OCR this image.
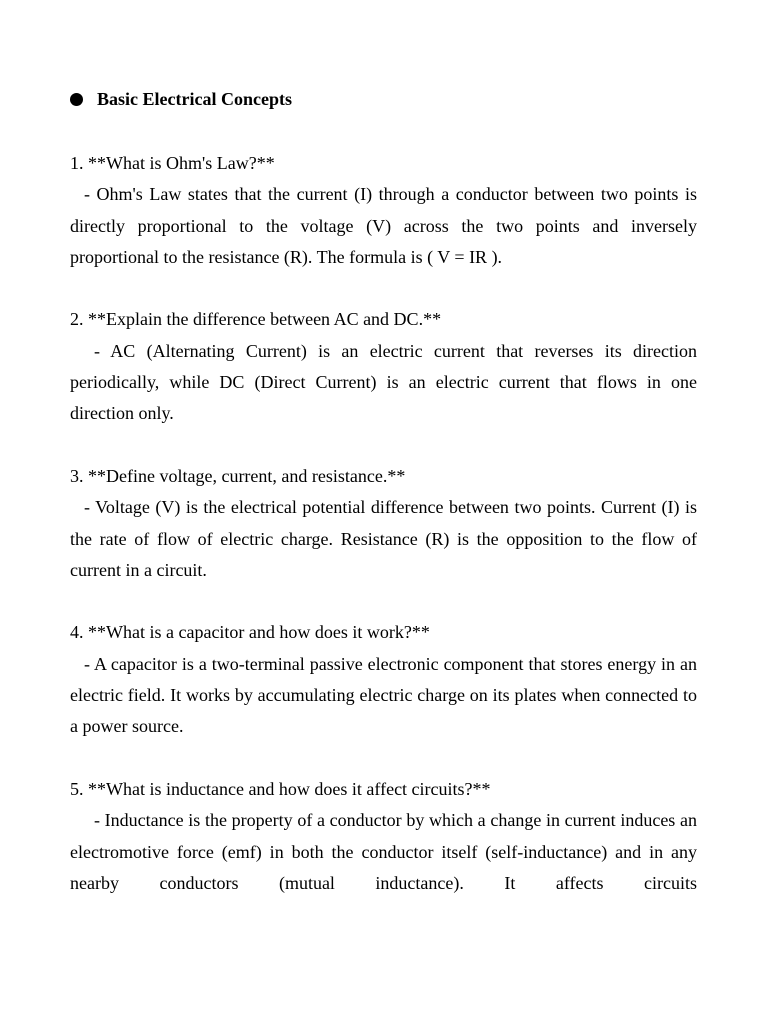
Basic Electrical Concepts

1. **What is Ohm's Law?**

- Ohm's Law states that the current (I) through a conductor between two points is directly proportional to the voltage (V) across the two points and inversely proportional to the resistance (R). The formula is ( V = IR ).

2. **Explain the difference between AC and DC.**

- AC (Alternating Current) is an electric current that reverses its direction periodically, while DC (Direct Current) is an electric current that flows in one direction only.

3. **Define voltage, current, and resistance.**

- Voltage (V) is the electrical potential difference between two points. Current (I) is the rate of flow of electric charge. Resistance (R) is the opposition to the flow of current in a circuit.

4. **What is a capacitor and how does it work?**

- A capacitor is a two-terminal passive electronic component that stores energy in an electric field. It works by accumulating electric charge on its plates when connected to a power source.

5. **What is inductance and how does it affect circuits?**

- Inductance is the property of a conductor by which a change in current induces an electromotive force (emf) in both the conductor itself (self-inductance) and in any nearby conductors (mutual inductance). It affects circuits
